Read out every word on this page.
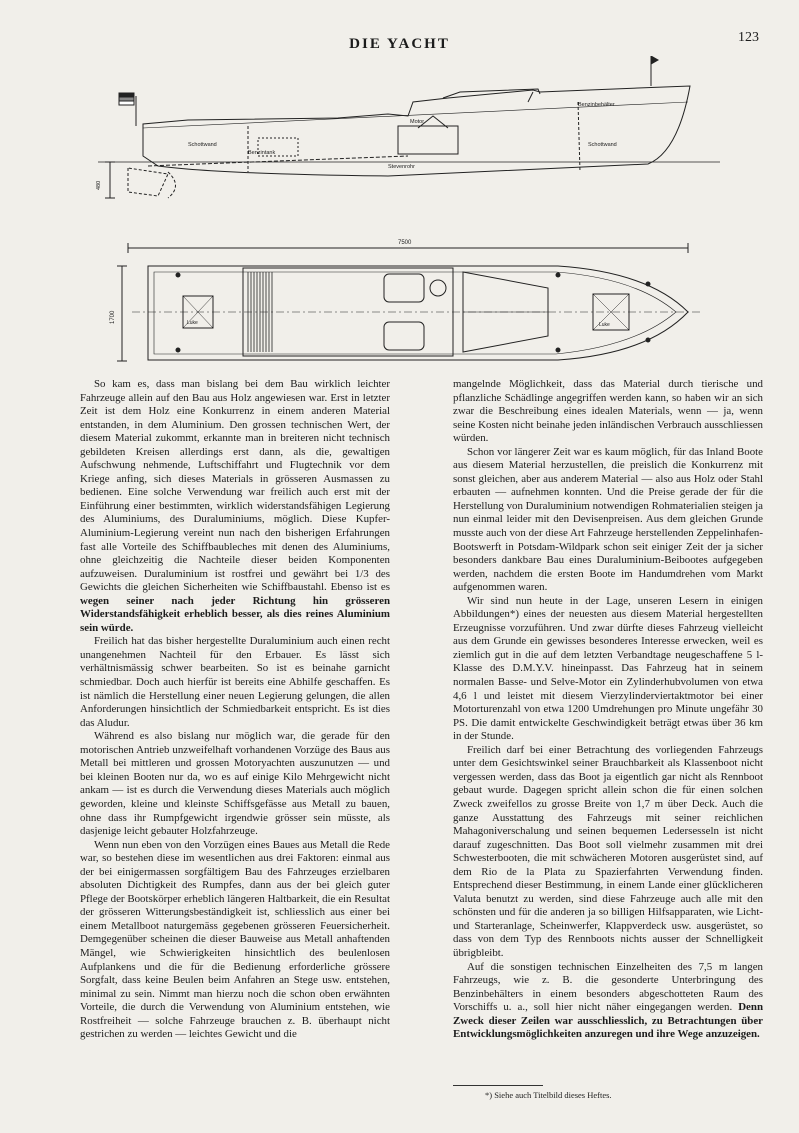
DIE YACHT	123
Schottwand
Benzintank
Motor
Benzinbehälter
Schottwand
Stevenrohr
480
7500
1700	Luke	Luke

So kam es, dass man bislang bei dem Bau wirklich leichter Fahrzeuge allein auf den Bau aus Holz angewiesen war. Erst in letzter Zeit ist dem Holz eine Konkurrenz in einem anderen Material entstanden, in dem Aluminium. Den grossen technischen Wert, der diesem Material zukommt, erkannte man in breiteren nicht technisch gebildeten Kreisen allerdings erst dann, als die, gewaltigen Aufschwung nehmende, Luftschiffahrt und Flugtechnik vor dem Kriege anfing, sich dieses Materials in grösseren Ausmassen zu bedienen. Eine solche Verwendung war freilich auch erst mit der Einführung einer bestimmten, wirklich widerstandsfähigen Legierung des Aluminiums, des Duraluminiums, möglich. Diese Kupfer-Aluminium-Legierung vereint nun nach den bisherigen Erfahrungen fast alle Vorteile des Schiffbaubleches mit denen des Aluminiums, ohne gleichzeitig die Nachteile dieser beiden Komponenten aufzuweisen. Duraluminium ist rostfrei und gewährt bei 1/3 des Gewichts die gleichen Sicherheiten wie Schiffbaustahl. Ebenso ist es wegen seiner nach jeder Richtung hin grösseren Widerstandsfähigkeit erheblich besser, als dies reines Aluminium sein würde.

Freilich hat das bisher hergestellte Duraluminium auch einen recht unangenehmen Nachteil für den Erbauer. Es lässt sich verhältnismässig schwer bearbeiten. So ist es beinahe garnicht schmiedbar. Doch auch hierfür ist bereits eine Abhilfe geschaffen. Es ist nämlich die Herstellung einer neuen Legierung gelungen, die allen Anforderungen hinsichtlich der Schmiedbarkeit entspricht. Es ist dies das Aludur.

Während es also bislang nur möglich war, die gerade für den motorischen Antrieb unzweifelhaft vorhandenen Vorzüge des Baus aus Metall bei mittleren und grossen Motoryachten auszunutzen — und bei kleinen Booten nur da, wo es auf einige Kilo Mehrgewicht nicht ankam — ist es durch die Verwendung dieses Materials auch möglich geworden, kleine und kleinste Schiffsgefässe aus Metall zu bauen, ohne dass ihr Rumpfgewicht irgendwie grösser sein müsste, als dasjenige leicht gebauter Holzfahrzeuge.

Wenn nun eben von den Vorzügen eines Baues aus Metall die Rede war, so bestehen diese im wesentlichen aus drei Faktoren: einmal aus der bei einigermassen sorgfältigem Bau des Fahrzeuges erzielbaren absoluten Dichtigkeit des Rumpfes, dann aus der bei gleich guter Pflege der Bootskörper erheblich längeren Haltbarkeit, die ein Resultat der grösseren Witterungsbeständigkeit ist, schliesslich aus einer bei einem Metallboot naturgemäss gegebenen grösseren Feuersicherheit. Demgegenüber scheinen die dieser Bauweise aus Metall anhaftenden Mängel, wie Schwierigkeiten hinsichtlich des beulenlosen Aufplankens und die für die Bedienung erforderliche grössere Sorgfalt, dass keine Beulen beim Anfahren an Stege usw. entstehen, minimal zu sein. Nimmt man hierzu noch die schon oben erwähnten Vorteile, die durch die Verwendung von Aluminium entstehen, wie Rostfreiheit — solche Fahrzeuge brauchen z. B. überhaupt nicht gestrichen zu werden — leichtes Gewicht und die

mangelnde Möglichkeit, dass das Material durch tierische und pflanzliche Schädlinge angegriffen werden kann, so haben wir an sich zwar die Beschreibung eines idealen Materials, wenn — ja, wenn seine Kosten nicht beinahe jeden inländischen Verbrauch ausschliessen würden.

Schon vor längerer Zeit war es kaum möglich, für das Inland Boote aus diesem Material herzustellen, die preislich die Konkurrenz mit sonst gleichen, aber aus anderem Material — also aus Holz oder Stahl erbauten — aufnehmen konnten. Und die Preise gerade der für die Herstellung von Duraluminium notwendigen Rohmaterialien steigen ja nun einmal leider mit den Devisenpreisen. Aus dem gleichen Grunde musste auch von der diese Art Fahrzeuge herstellenden Zeppelinhafen-Bootswerft in Potsdam-Wildpark schon seit einiger Zeit der ja sicher besonders dankbare Bau eines Duraluminium-Beibootes aufgegeben werden, nachdem die ersten Boote im Handumdrehen vom Markt aufgenommen waren.

Wir sind nun heute in der Lage, unseren Lesern in einigen Abbildungen*) eines der neuesten aus diesem Material hergestellten Erzeugnisse vorzuführen. Und zwar dürfte dieses Fahrzeug vielleicht aus dem Grunde ein gewisses besonderes Interesse erwecken, weil es ziemlich gut in die auf dem letzten Verbandtage neugeschaffene 5 l-Klasse des D.M.Y.V. hineinpasst. Das Fahrzeug hat in seinem normalen Basse- und Selve-Motor ein Zylinderhubvolumen von etwa 4,6 l und leistet mit diesem Vierzylinderviertaktmotor bei einer Motorturenzahl von etwa 1200 Umdrehungen pro Minute ungefähr 30 PS. Die damit entwickelte Geschwindigkeit beträgt etwas über 36 km in der Stunde.

Freilich darf bei einer Betrachtung des vorliegenden Fahrzeugs unter dem Gesichtswinkel seiner Brauchbarkeit als Klassenboot nicht vergessen werden, dass das Boot ja eigentlich gar nicht als Rennboot gebaut wurde. Dagegen spricht allein schon die für einen solchen Zweck zweifellos zu grosse Breite von 1,7 m über Deck. Auch die ganze Ausstattung des Fahrzeugs mit seiner reichlichen Mahagoniverschalung und seinen bequemen Ledersesseln ist nicht darauf zugeschnitten. Das Boot soll vielmehr zusammen mit drei Schwesterbooten, die mit schwächeren Motoren ausgerüstet sind, auf dem Rio de la Plata zu Spazierfahrten Verwendung finden. Entsprechend dieser Bestimmung, in einem Lande einer glücklicheren Valuta benutzt zu werden, sind diese Fahrzeuge auch alle mit den schönsten und für die anderen ja so billigen Hilfsapparaten, wie Licht- und Starteranlage, Scheinwerfer, Klappverdeck usw. ausgerüstet, so dass von dem Typ des Rennboots nichts ausser der Schnelligkeit übrigbleibt.

Auf die sonstigen technischen Einzelheiten des 7,5 m langen Fahrzeugs, wie z. B. die gesonderte Unterbringung des Benzinbehälters in einem besonders abgeschotteten Raum des Vorschiffs u. a., soll hier nicht näher eingegangen werden. Denn Zweck dieser Zeilen war ausschliesslich, zu Betrachtungen über Entwicklungsmöglichkeiten anzuregen und ihre Wege anzuzeigen.

*) Siehe auch Titelbild dieses Heftes.
